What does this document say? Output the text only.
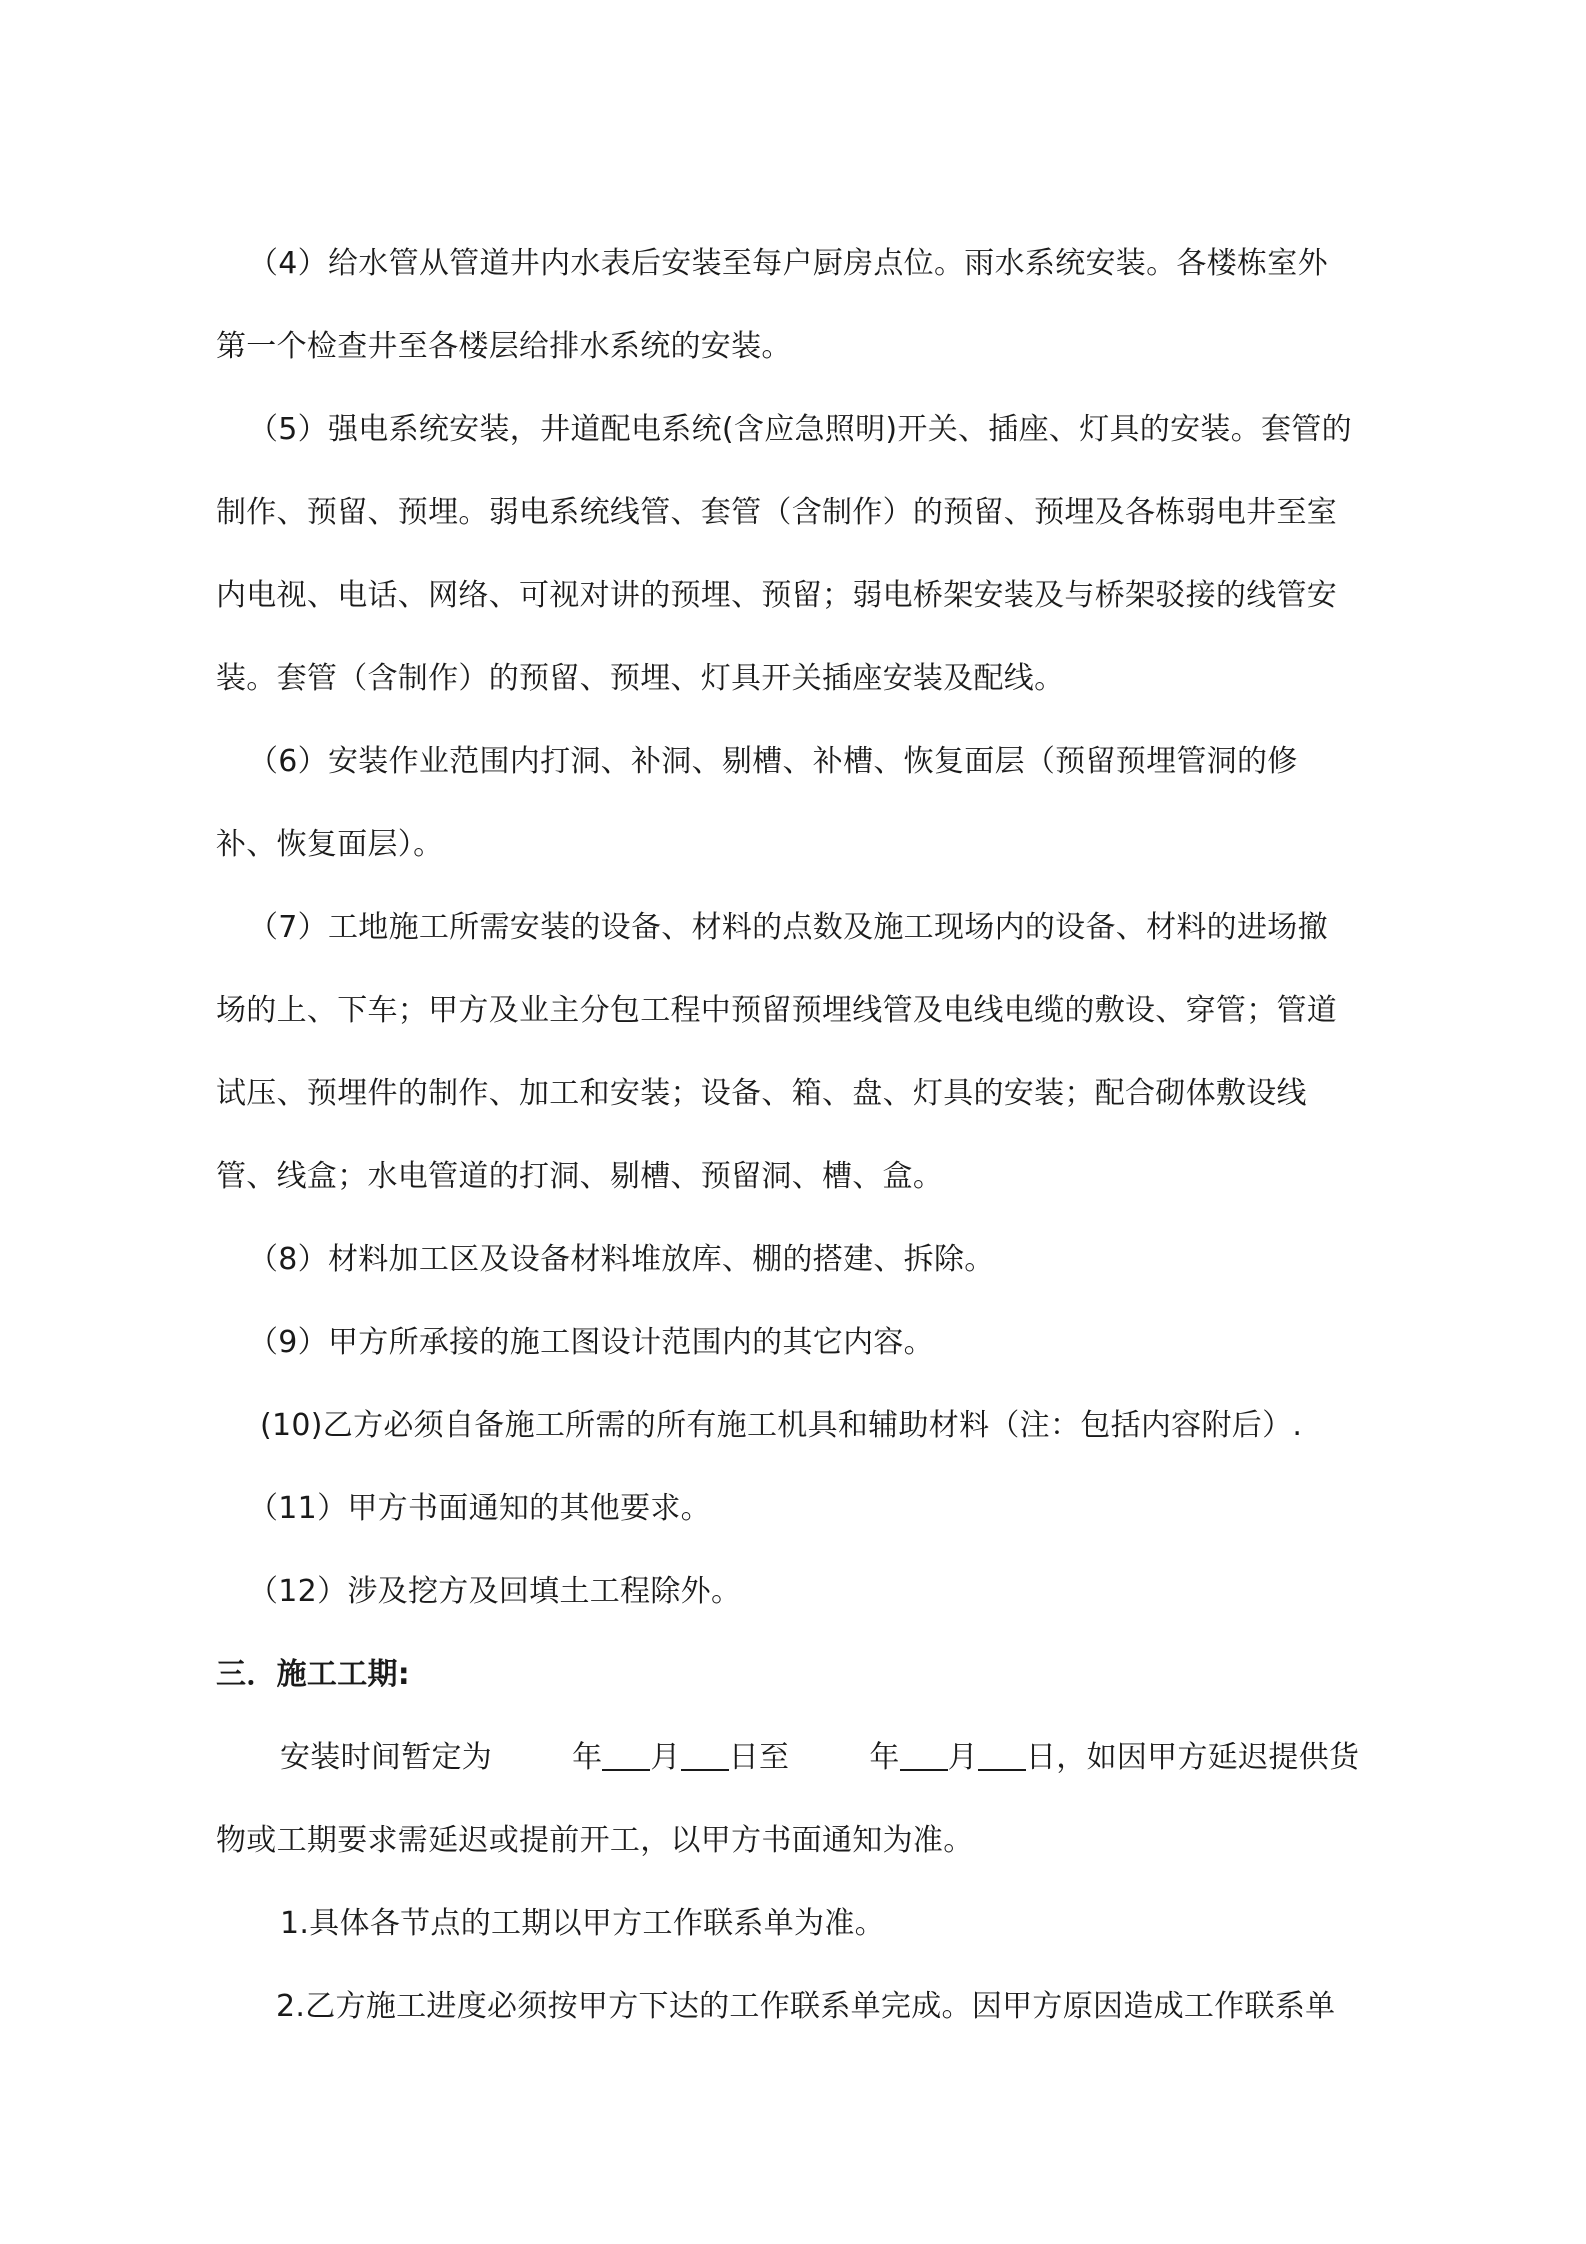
（4）给水管从管道井内水表后安装至每户厨房点位。雨水系统安装。各楼栋室外
第一个检查井至各楼层给排水系统的安装。
（5）强电系统安装，井道配电系统(含应急照明)开关、插座、灯具的安装。套管的
制作、预留、预埋。弱电系统线管、套管（含制作）的预留、预埋及各栋弱电井至室
内电视、电话、网络、可视对讲的预埋、预留；弱电桥架安装及与桥架驳接的线管安
装。套管（含制作）的预留、预埋、灯具开关插座安装及配线。
（6）安装作业范围内打洞、补洞、剔槽、补槽、恢复面层（预留预埋管洞的修
补、恢复面层）。
（7）工地施工所需安装的设备、材料的点数及施工现场内的设备、材料的进场撤
场的上、下车；甲方及业主分包工程中预留预埋线管及电线电缆的敷设、穿管；管道
试压、预埋件的制作、加工和安装；设备、箱、盘、灯具的安装；配合砌体敷设线
管、线盒；水电管道的打洞、剔槽、预留洞、槽、盒。
（8）材料加工区及设备材料堆放库、棚的搭建、拆除。
（9）甲方所承接的施工图设计范围内的其它内容。
(10)乙方必须自备施工所需的所有施工机具和辅助材料（注：包括内容附后）.
（11）甲方书面通知的其他要求。
（12）涉及挖方及回填土工程除外。
三．施工工期:
安装时间暂定为	年 月 日至	年 月 日，如因甲方延迟提供货
物或工期要求需延迟或提前开工，以甲方书面通知为准。
1.具体各节点的工期以甲方工作联系单为准。
2.乙方施工进度必须按甲方下达的工作联系单完成。因甲方原因造成工作联系单
